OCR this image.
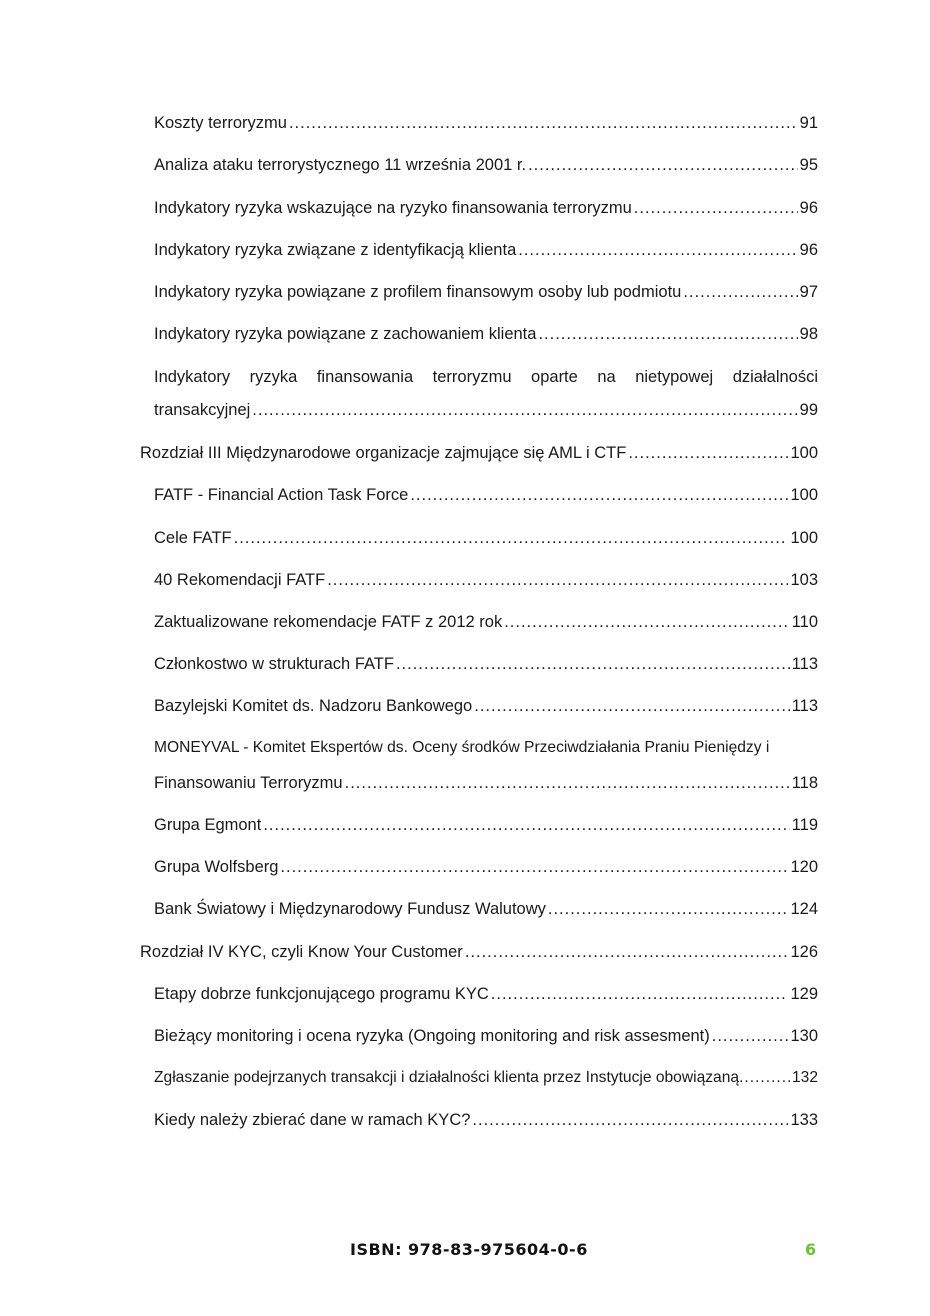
Koszty terroryzmu .....	91
Analiza ataku terrorystycznego 11 września 2001 r. .....	95
Indykatory ryzyka wskazujące na ryzyko finansowania terroryzmu .....	96
Indykatory ryzyka związane z identyfikacją klienta .....	96
Indykatory ryzyka powiązane z profilem finansowym osoby lub podmiotu .....	97
Indykatory ryzyka powiązane z zachowaniem klienta .....	98
Indykatory ryzyka finansowania terroryzmu oparte na nietypowej działalności
transakcyjnej .....	99
Rozdział III Międzynarodowe organizacje zajmujące się AML i CTF .....	100
FATF - Financial Action Task Force .....	100
Cele FATF .....	100
40 Rekomendacji FATF .....	103
Zaktualizowane rekomendacje FATF z 2012 rok .....	110
Członkostwo w strukturach FATF .....	113
Bazylejski Komitet ds. Nadzoru Bankowego .....	113
MONEYVAL - Komitet Ekspertów ds. Oceny środków Przeciwdziałania Praniu Pieniędzy i
Finansowaniu Terroryzmu .....	118
Grupa Egmont .....	119
Grupa Wolfsberg .....	120
Bank Światowy i Międzynarodowy Fundusz Walutowy .....	124
Rozdział IV KYC, czyli Know Your Customer .....	126
Etapy dobrze funkcjonującego programu KYC .....	129
Bieżący monitoring i ocena ryzyka (Ongoing monitoring and risk assesment) .....	130
Zgłaszanie podejrzanych transakcji i działalności klienta przez Instytucje obowiązaną .....	132
Kiedy należy zbierać dane w ramach KYC? .....	133
ISBN: 978-83-975604-0-6	6
